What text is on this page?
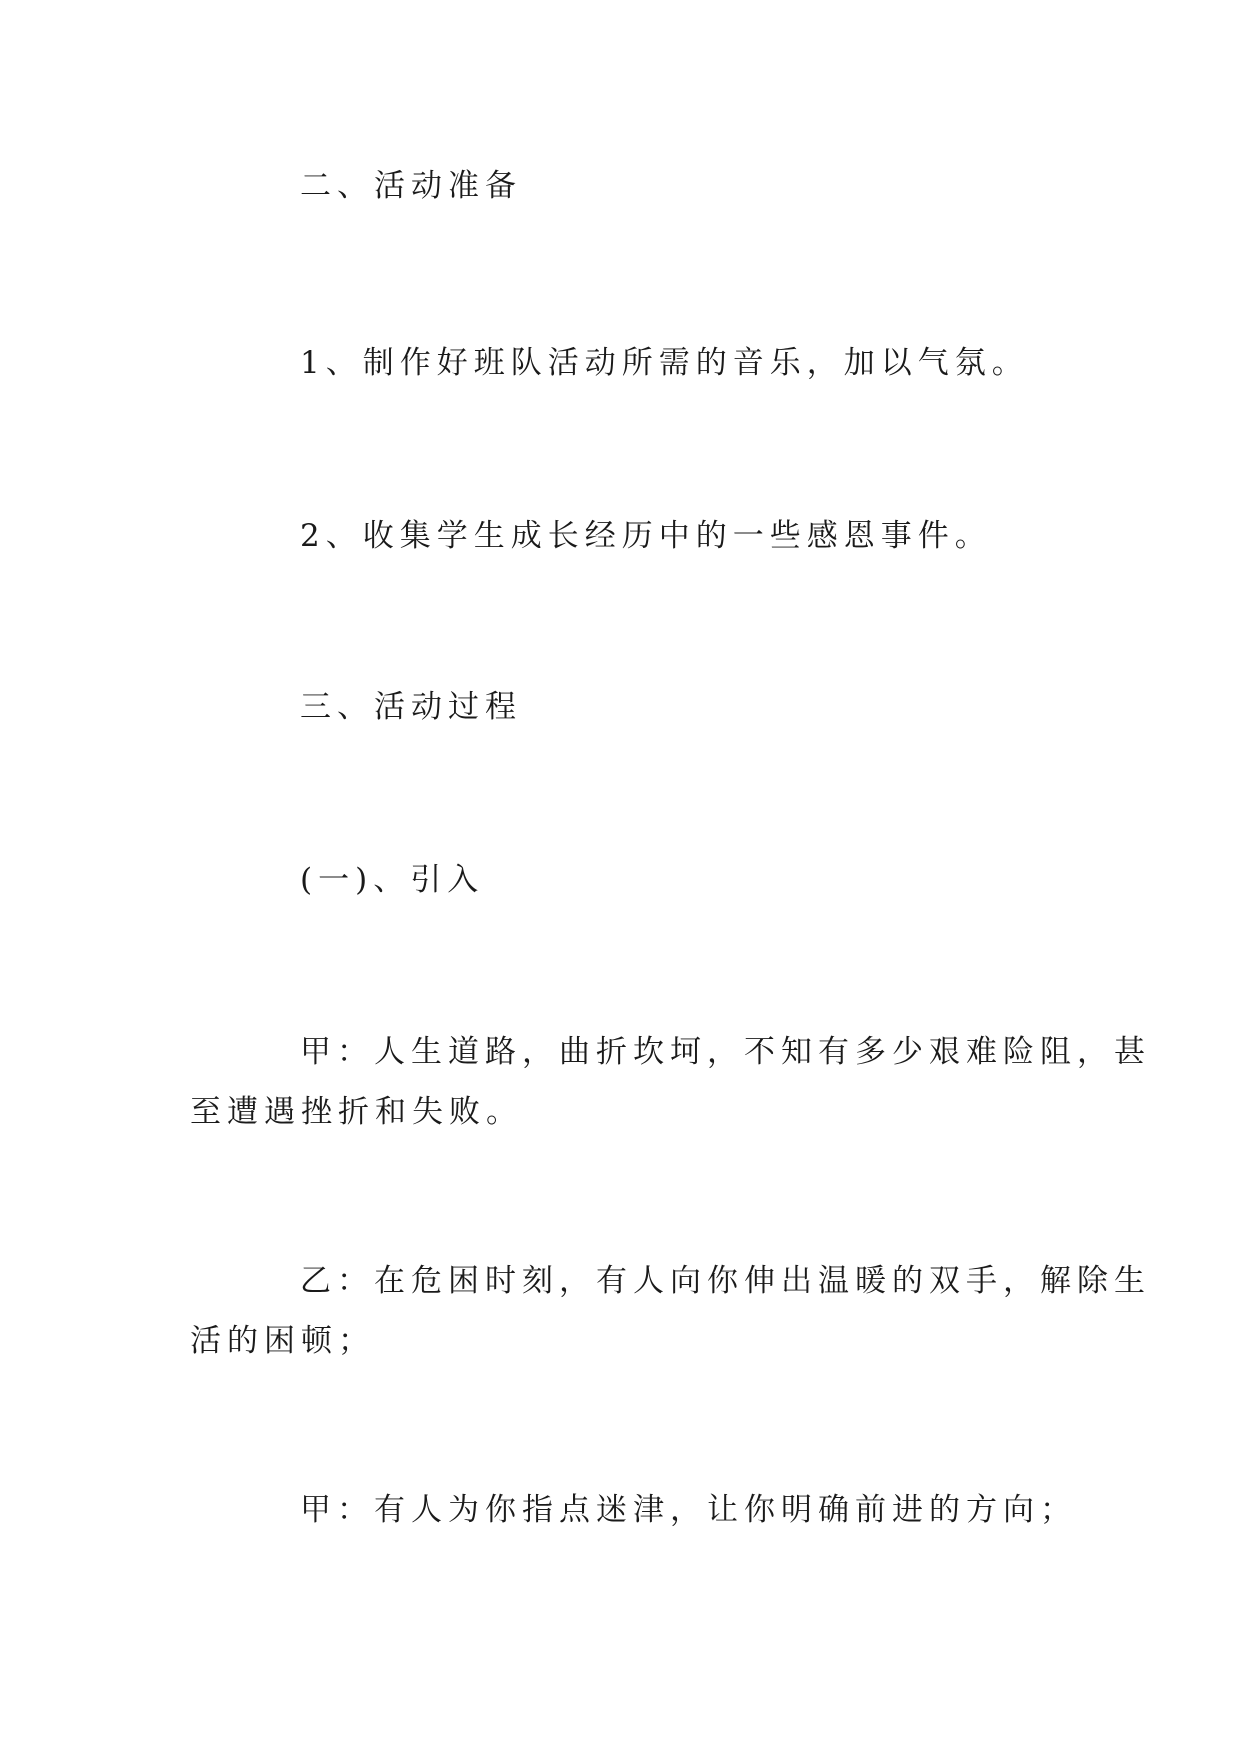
二、活动准备

1、制作好班队活动所需的音乐，加以气氛。

2、收集学生成长经历中的一些感恩事件。

三、活动过程

(一)、引入

甲：人生道路，曲折坎坷，不知有多少艰难险阻，甚

至遭遇挫折和失败。

乙：在危困时刻，有人向你伸出温暖的双手，解除生

活的困顿；

甲：有人为你指点迷津，让你明确前进的方向；
